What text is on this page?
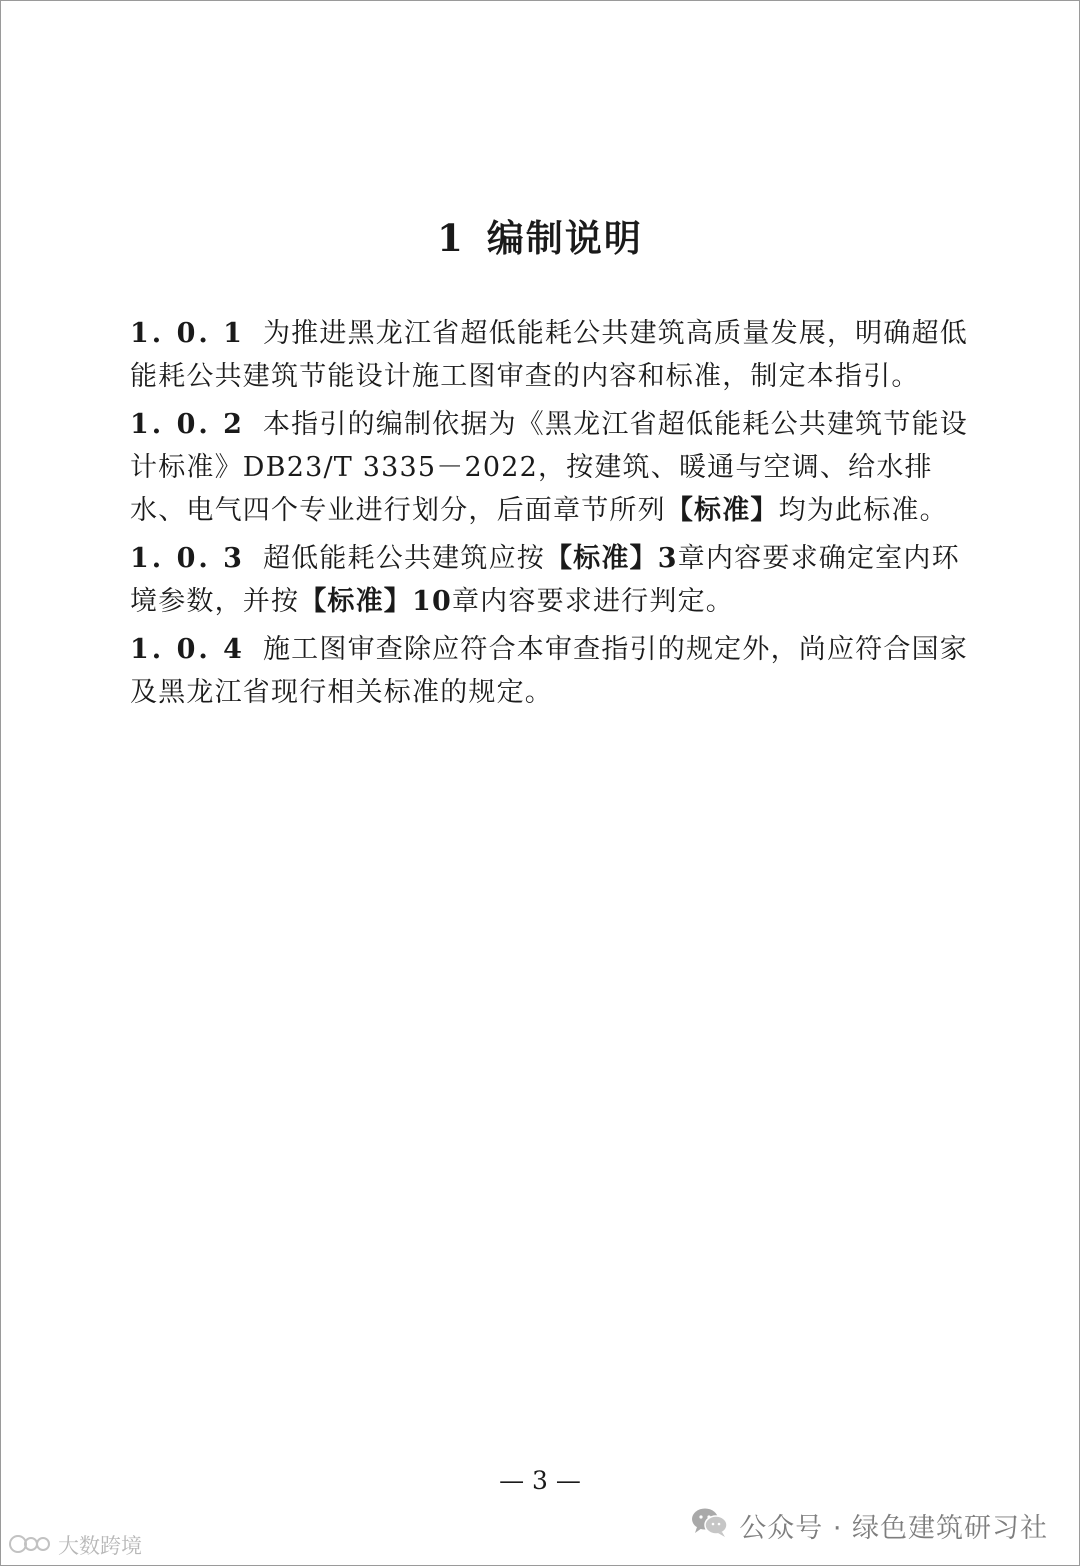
1 编制说明

1. 0. 1 为推进黑龙江省超低能耗公共建筑高质量发展，明确超低能耗公共建筑节能设计施工图审查的内容和标准，制定本指引。

1. 0. 2 本指引的编制依据为《黑龙江省超低能耗公共建筑节能设计标准》DB23/T 3335－2022，按建筑、暖通与空调、给水排水、电气四个专业进行划分，后面章节所列【标准】均为此标准。

1. 0. 3 超低能耗公共建筑应按【标准】3章内容要求确定室内环境参数，并按【标准】10章内容要求进行判定。

1. 0. 4 施工图审查除应符合本审查指引的规定外，尚应符合国家及黑龙江省现行相关标准的规定。

— 3 —
公众号 · 绿色建筑研习社
大数跨境
